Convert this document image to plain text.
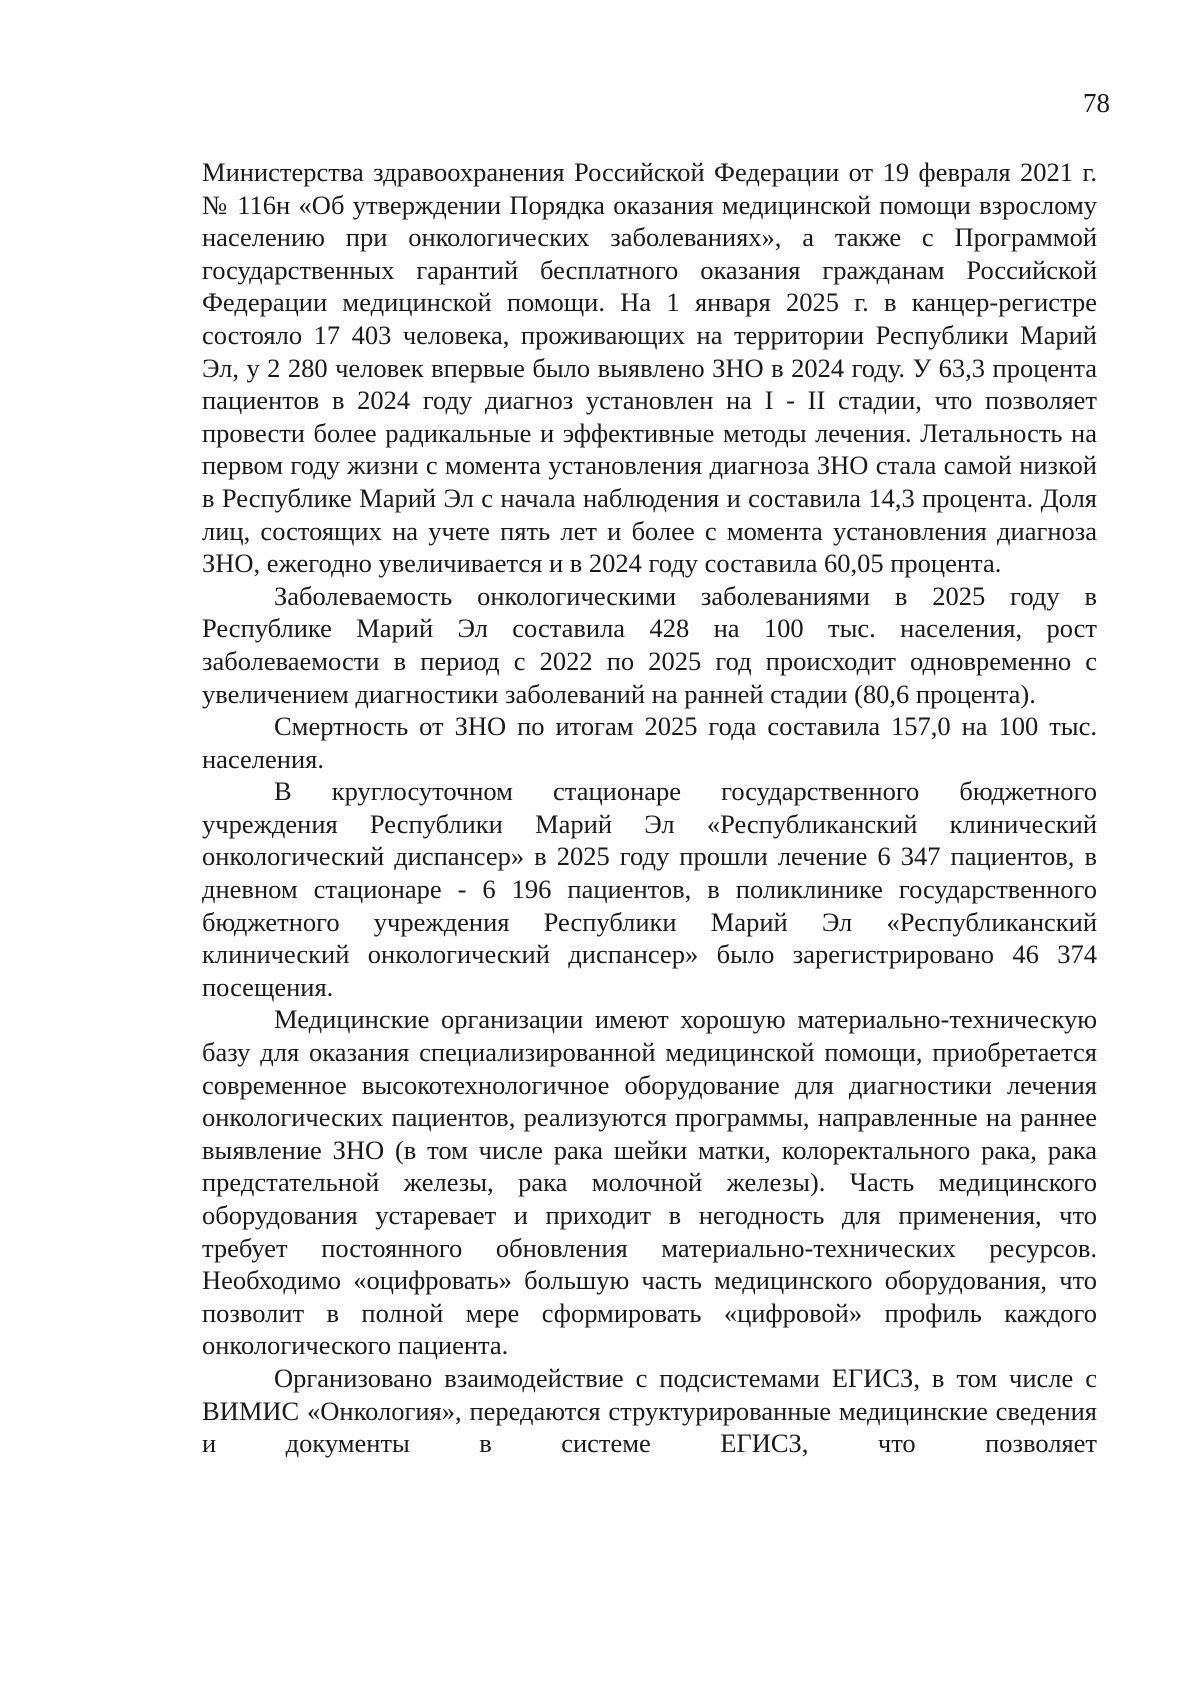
78

Министерства здравоохранения Российской Федерации от 19 февраля 2021 г. № 116н «Об утверждении Порядка оказания медицинской помощи взрослому населению при онкологических заболеваниях», а также с Программой государственных гарантий бесплатного оказания гражданам Российской Федерации медицинской помощи. На 1 января 2025 г. в канцер-регистре состояло 17 403 человека, проживающих на территории Республики Марий Эл, у 2 280 человек впервые было выявлено ЗНО в 2024 году. У 63,3 процента пациентов в 2024 году диагноз установлен на I - II стадии, что позволяет провести более радикальные и эффективные методы лечения. Летальность на первом году жизни с момента установления диагноза ЗНО стала самой низкой в Республике Марий Эл с начала наблюдения и составила 14,3 процента. Доля лиц, состоящих на учете пять лет и более с момента установления диагноза ЗНО, ежегодно увеличивается и в 2024 году составила 60,05 процента.

Заболеваемость онкологическими заболеваниями в 2025 году в Республике Марий Эл составила 428 на 100 тыс. населения, рост заболеваемости в период с 2022 по 2025 год происходит одновременно с увеличением диагностики заболеваний на ранней стадии (80,6 процента).

Смертность от ЗНО по итогам 2025 года составила 157,0 на 100 тыс. населения.

В круглосуточном стационаре государственного бюджетного учреждения Республики Марий Эл «Республиканский клинический онкологический диспансер» в 2025 году прошли лечение 6 347 пациентов, в дневном стационаре - 6 196 пациентов, в поликлинике государственного бюджетного учреждения Республики Марий Эл «Республиканский клинический онкологический диспансер» было зарегистрировано 46 374 посещения.

Медицинские организации имеют хорошую материально-техническую базу для оказания специализированной медицинской помощи, приобретается современное высокотехнологичное оборудование для диагностики лечения онкологических пациентов, реализуются программы, направленные на раннее выявление ЗНО (в том числе рака шейки матки, колоректального рака, рака предстательной железы, рака молочной железы). Часть медицинского оборудования устаревает и приходит в негодность для применения, что требует постоянного обновления материально-технических ресурсов. Необходимо «оцифровать» большую часть медицинского оборудования, что позволит в полной мере сформировать «цифровой» профиль каждого онкологического пациента.

Организовано взаимодействие с подсистемами ЕГИСЗ, в том числе с ВИМИС «Онкология», передаются структурированные медицинские сведения и документы в системе ЕГИСЗ, что позволяет
